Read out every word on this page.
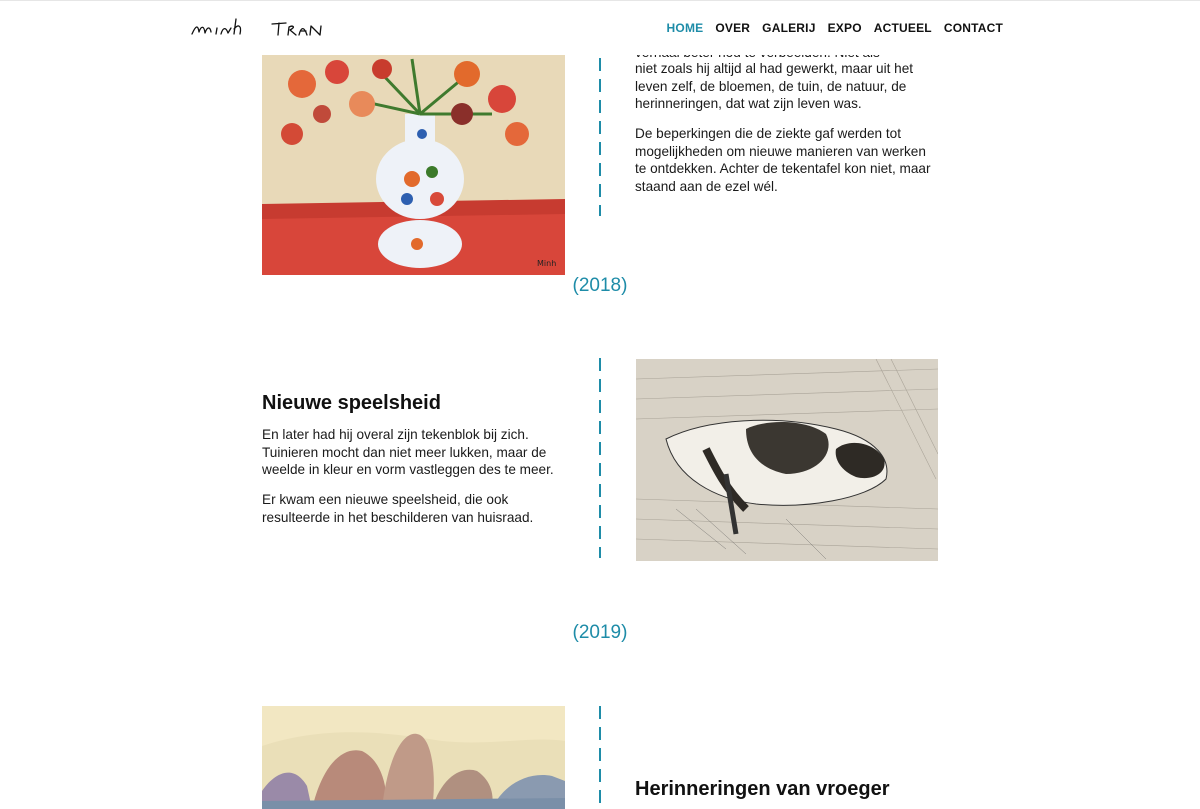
HOME OVER GALERIJ EXPO ACTUEEL CONTACT
Minh

niet zoals hij altijd al had gewerkt, maar uit het leven zelf, de bloemen, de tuin, de natuur, de herinneringen, dat wat zijn leven was.

De beperkingen die de ziekte gaf werden tot mogelijkheden om nieuwe manieren van werken te ontdekken. Achter de tekentafel kon niet, maar staand aan de ezel wél.

(2018)
Nieuwe speelsheid

En later had hij overal zijn tekenblok bij zich. Tuinieren mocht dan niet meer lukken, maar de weelde in kleur en vorm vastleggen des te meer.

Er kwam een nieuwe speelsheid, die ook resulteerde in het beschilderen van huisraad.

(2019)
Herinneringen van vroeger
